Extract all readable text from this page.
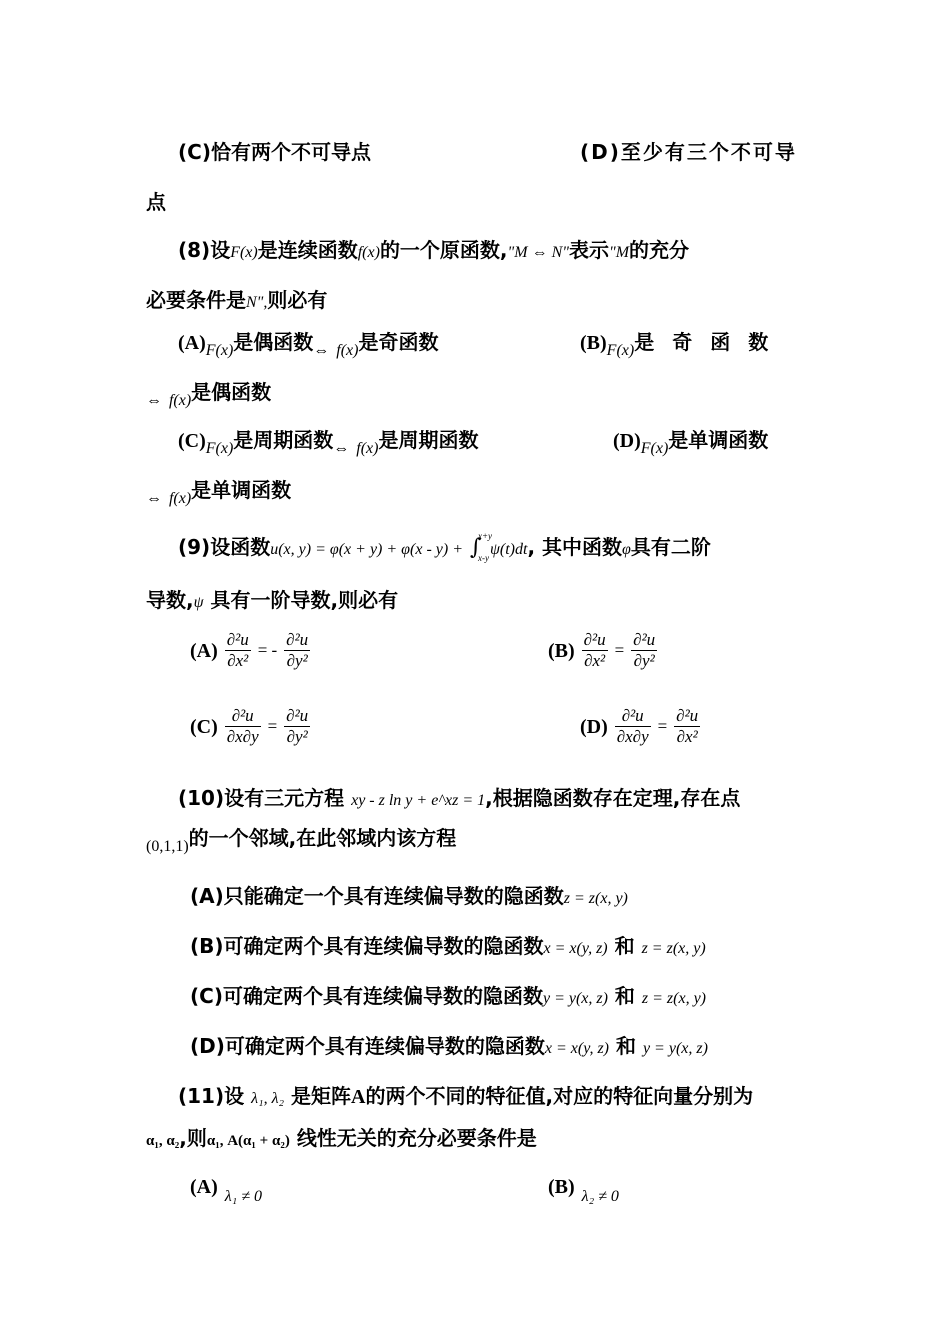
(C)恰有两个不可导点	(D)至少有三个不可导
点
(8)设F(x)是连续函数f(x)的一个原函数,"M ⇔ N"表示"M的充分
必要条件是N",则必有
$(A)_{F(x)}$是偶函数$_\Leftrightarrow$ $_{f(x)}$是奇函数	$(B)_{F(x)}$是奇函数
$_\Leftrightarrow$ $_{f(x)}$是偶函数
$(C)_{F(x)}$是周期函数$_\Leftrightarrow$ $_{f(x)}$是周期函数	$(D)_{F(x)}$是单调函数
$_\Leftrightarrow$ $_{f(x)}$是单调函数
(9)设函数u(x, y) = φ(x + y) + φ(x - y) + ∫
x+y
x-y ψ(t)dt, 其中函数φ具有二阶
导数,ψ 具有一阶导数,则必有
$(A) \frac{\text{∂²u}}{\text{∂x²}}$ = - $\frac{\text{∂²u}}{\text{∂y²}}$	$(B) \frac{\text{∂²u}}{\text{∂x²}} = \frac{\text{∂²u}}{\text{∂y²}}$
$(C) \frac{\text{∂²u}}{\partial x\partial y} = \frac{\text{∂²u}}{\text{∂y²}}$	$(D) \frac{\text{∂²u}}{\partial x\partial y} = \frac{\text{∂²u}}{\text{∂x²}}$
(10)设有三元方程 xy - z ln y + e^xz = 1,根据隐函数存在定理,存在点
$_{(0,1,1)}$的一个邻域,在此邻域内该方程
(A)只能确定一个具有连续偏导数的隐函数z = z(x, y)
(B)可确定两个具有连续偏导数的隐函数x = x(y, z) 和 z = z(x, y)
(C)可确定两个具有连续偏导数的隐函数y = y(x, z) 和 z = z(x, y)
(D)可确定两个具有连续偏导数的隐函数x = x(y, z) 和 y = y(x, z)
(11)设 λ₁, λ₂ 是矩阵A的两个不同的特征值,对应的特征向量分别为
α₁, α₂,则α₁, A(α₁ + α₂) 线性无关的充分必要条件是
(A) $_{\lambda_1 \ne 0}$	(B) $_{\lambda_2 \ne 0}$
